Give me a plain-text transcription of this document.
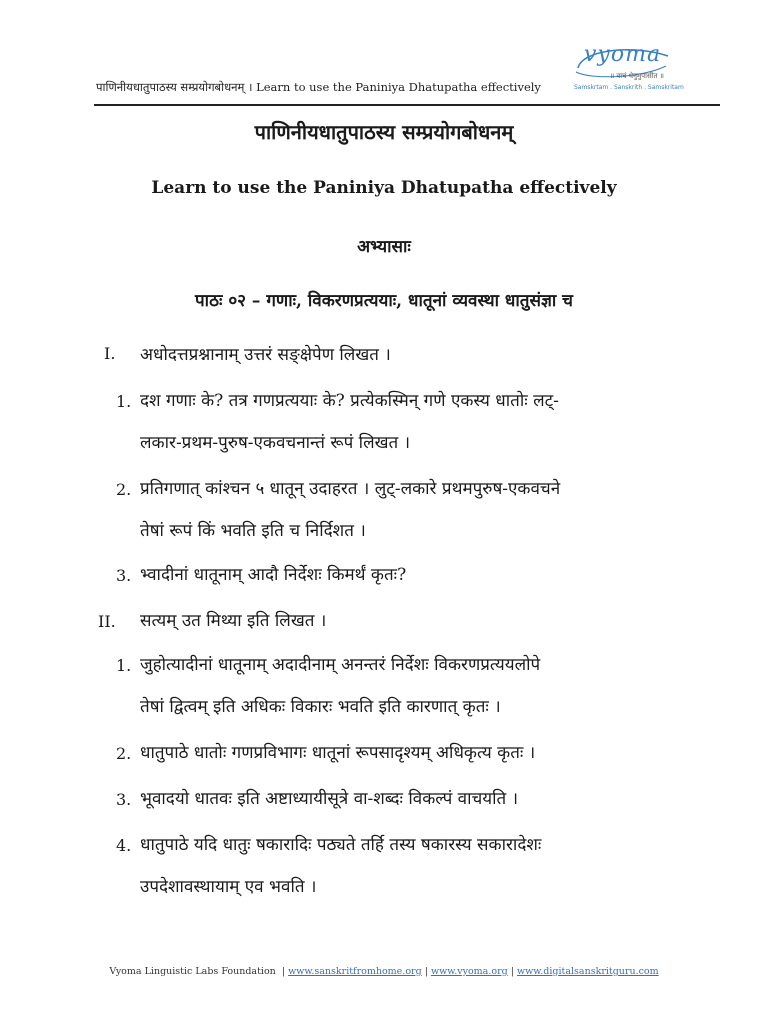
पाणिनीयधातुपाठस्य सम्प्रयोगबोधनम् । Learn to use the Paniniya Dhatupatha effectively
vyoma
॥ वाचं धेनुमुपासीत ॥
Samskrtam . Sanskrith . Samskritam
पाणिनीयधातुपाठस्य सम्प्रयोगबोधनम्
Learn to use the Paniniya Dhatupatha effectively
अभ्यासाः
पाठः ०२ – गणाः, विकरणप्रत्ययाः, धातूनां व्यवस्था धातुसंज्ञा च
I. अधोदत्तप्रश्नानाम् उत्तरं सङ्क्षेपेण लिखत ।
1. दश गणाः के? तत्र गणप्रत्ययाः के? प्रत्येकस्मिन् गणे एकस्य धातोः लट्-
लकार-प्रथम-पुरुष-एकवचनान्तं रूपं लिखत ।
2. प्रतिगणात् कांश्चन ५ धातून् उदाहरत । लुट्-लकारे प्रथमपुरुष-एकवचने
तेषां रूपं किं भवति इति च निर्दिशत ।
3. भ्वादीनां धातूनाम् आदौ निर्देशः किमर्थं कृतः?
II. सत्यम् उत मिथ्या इति लिखत ।
1. जुहोत्यादीनां धातूनाम् अदादीनाम् अनन्तरं निर्देशः विकरणप्रत्ययलोपे
तेषां द्वित्वम् इति अधिकः विकारः भवति इति कारणात् कृतः ।
2. धातुपाठे धातोः गणप्रविभागः धातूनां रूपसादृश्यम् अधिकृत्य कृतः ।
3. भूवादयो धातवः इति अष्टाध्यायीसूत्रे वा-शब्दः विकल्पं वाचयति ।
4. धातुपाठे यदि धातुः षकारादिः पठ्यते तर्हि तस्य षकारस्य सकारादेशः
उपदेशावस्थायाम् एव भवति ।
Vyoma Linguistic Labs Foundation | www.sanskritfromhome.org | www.vyoma.org | www.digitalsanskritguru.com
